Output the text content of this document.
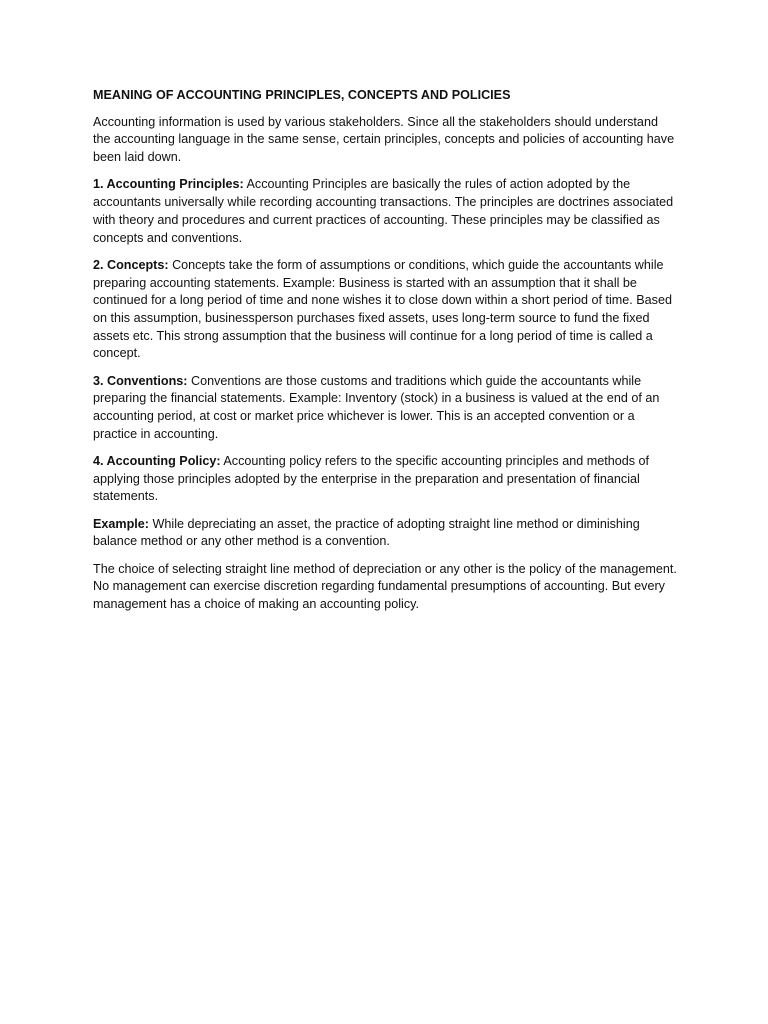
MEANING OF ACCOUNTING PRINCIPLES, CONCEPTS AND POLICIES

Accounting information is used by various stakeholders. Since all the stakeholders should understand the accounting language in the same sense, certain principles, concepts and policies of accounting have been laid down.

1. Accounting Principles: Accounting Principles are basically the rules of action adopted by the accountants universally while recording accounting transactions. The principles are doctrines associated with theory and procedures and current practices of accounting. These principles may be classified as concepts and conventions.

2. Concepts: Concepts take the form of assumptions or conditions, which guide the accountants while preparing accounting statements. Example: Business is started with an assumption that it shall be continued for a long period of time and none wishes it to close down within a short period of time. Based on this assumption, businessperson purchases fixed assets, uses long-term source to fund the fixed assets etc. This strong assumption that the business will continue for a long period of time is called a concept.

3. Conventions: Conventions are those customs and traditions which guide the accountants while preparing the financial statements. Example: Inventory (stock) in a business is valued at the end of an accounting period, at cost or market price whichever is lower. This is an accepted convention or a practice in accounting.

4. Accounting Policy: Accounting policy refers to the specific accounting principles and methods of applying those principles adopted by the enterprise in the preparation and presentation of financial statements.

Example: While depreciating an asset, the practice of adopting straight line method or diminishing balance method or any other method is a convention.

The choice of selecting straight line method of depreciation or any other is the policy of the management. No management can exercise discretion regarding fundamental presumptions of accounting. But every management has a choice of making an accounting policy.
